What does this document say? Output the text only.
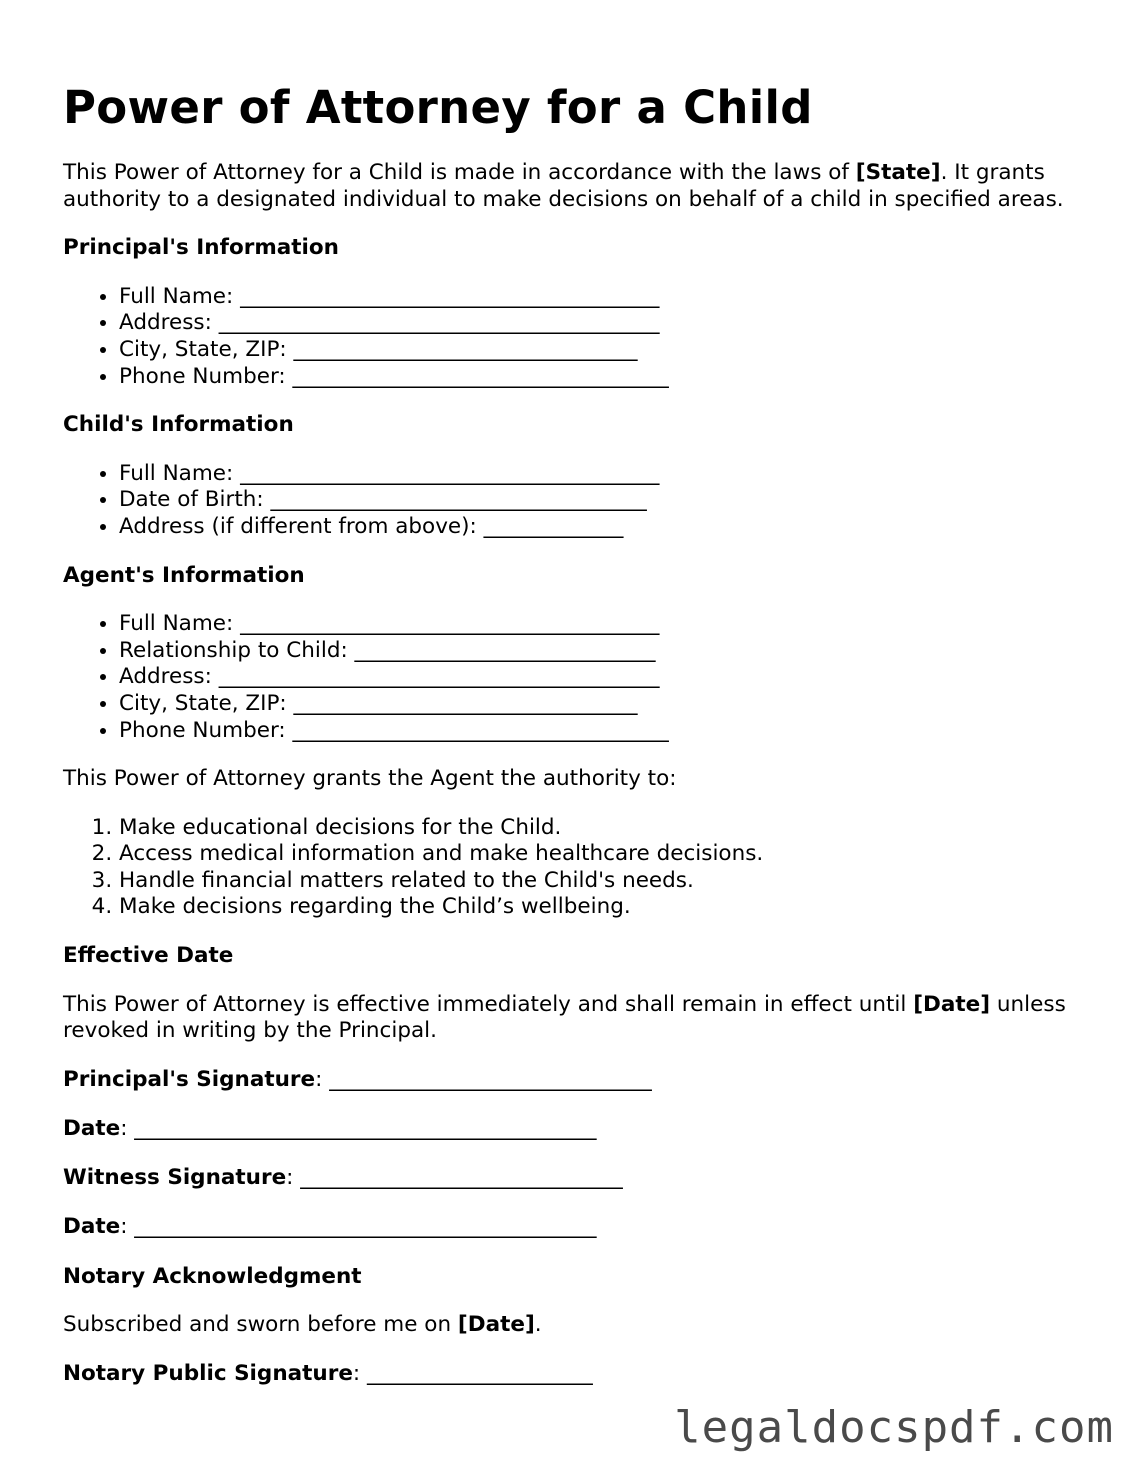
Power of Attorney for a Child

This Power of Attorney for a Child is made in accordance with the laws of [State]. It grants authority to a designated individual to make decisions on behalf of a child in specified areas.

Principal's Information
• Full Name: _______________________________________
• Address: _________________________________________
• City, State, ZIP: ________________________________
• Phone Number: ___________________________________
Child's Information
• Full Name: _______________________________________
• Date of Birth: ___________________________________
• Address (if different from above): _____________
Agent's Information
• Full Name: _______________________________________
• Relationship to Child: ____________________________
• Address: _________________________________________
• City, State, ZIP: ________________________________
• Phone Number: ___________________________________

This Power of Attorney grants the Agent the authority to:

1. Make educational decisions for the Child.
2. Access medical information and make healthcare decisions.
3. Handle financial matters related to the Child's needs.
4. Make decisions regarding the Child’s wellbeing.
Effective Date

This Power of Attorney is effective immediately and shall remain in effect until [Date] unless revoked in writing by the Principal.

Principal's Signature: ______________________________
Date: ___________________________________________
Witness Signature: ______________________________
Date: ___________________________________________
Notary Acknowledgment

Subscribed and sworn before me on [Date].

Notary Public Signature: _____________________
legaldocspdf.com
